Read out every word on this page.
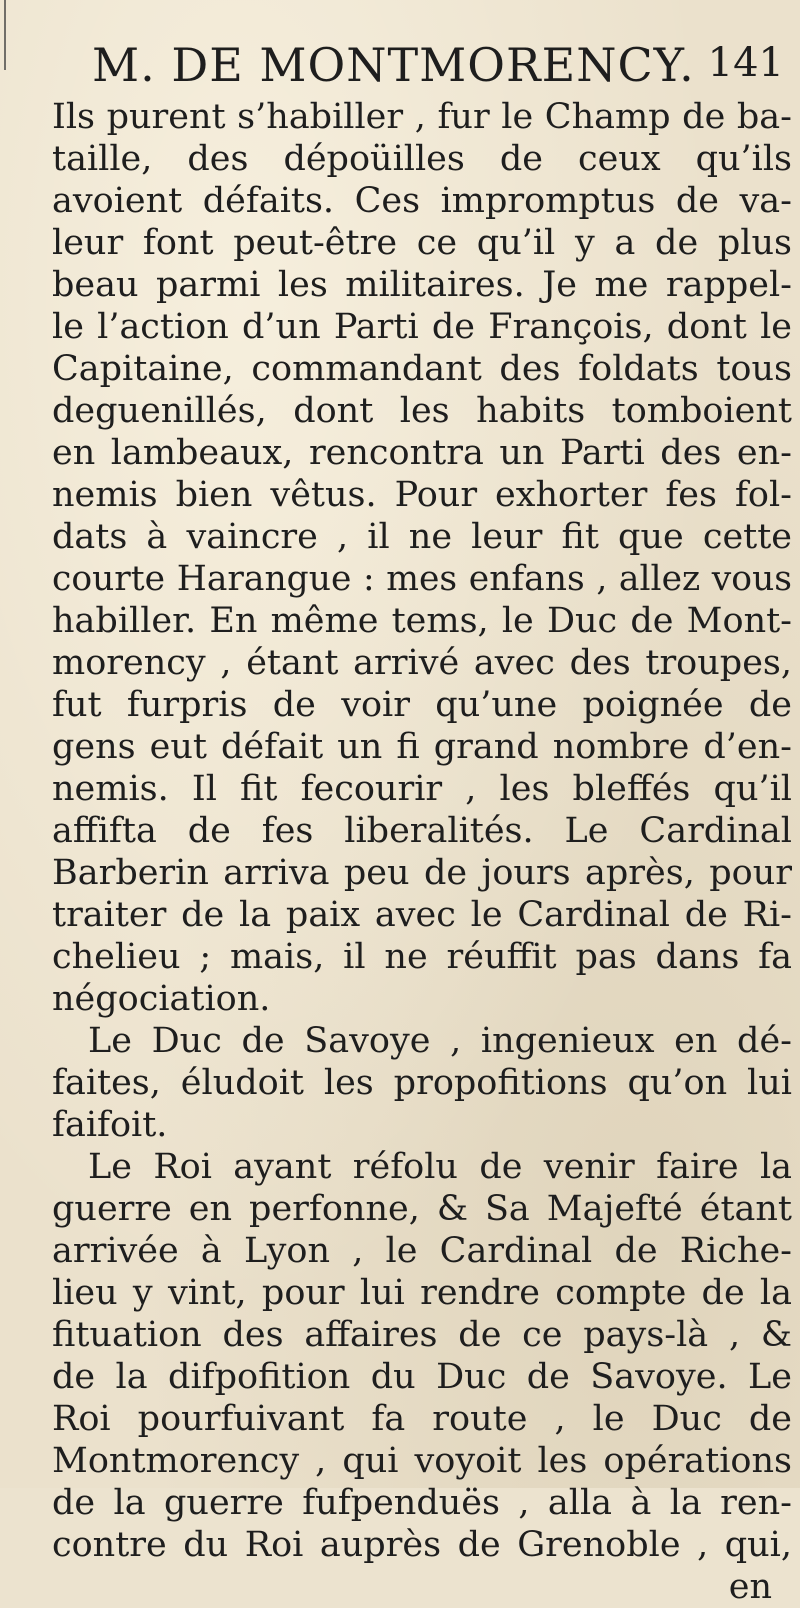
M. DE MONTMORENCY. 141
Ils purent s’habiller , fur le Champ de ba-
taille, des dépoüilles de ceux qu’ils
avoient défaits. Ces impromptus de va-
leur font peut-être ce qu’il y a de plus
beau parmi les militaires. Je me rappel-
le l’action d’un Parti de François, dont le
Capitaine, commandant des foldats tous
deguenillés, dont les habits tomboient
en lambeaux, rencontra un Parti des en-
nemis bien vêtus. Pour exhorter fes fol-
dats à vaincre , il ne leur fit que cette
courte Harangue : mes enfans , allez vous
habiller. En même tems, le Duc de Mont-
morency , étant arrivé avec des troupes,
fut furpris de voir qu’une poignée de
gens eut défait un fi grand nombre d’en-
nemis. Il fit fecourir , les bleffés qu’il
affifta de fes liberalités. Le Cardinal
Barberin arriva peu de jours après, pour
traiter de la paix avec le Cardinal de Ri-
chelieu ; mais, il ne réuffit pas dans fa
négociation.
Le Duc de Savoye , ingenieux en dé-
faites, éludoit les propofitions qu’on lui
faifoit.
Le Roi ayant réfolu de venir faire la
guerre en perfonne, & Sa Majefté étant
arrivée à Lyon , le Cardinal de Riche-
lieu y vint, pour lui rendre compte de la
fituation des affaires de ce pays-là , &
de la difpofition du Duc de Savoye. Le
Roi pourfuivant fa route , le Duc de
Montmorency , qui voyoit les opérations
de la guerre fufpenduës , alla à la ren-
contre du Roi auprès de Grenoble , qui,
en
